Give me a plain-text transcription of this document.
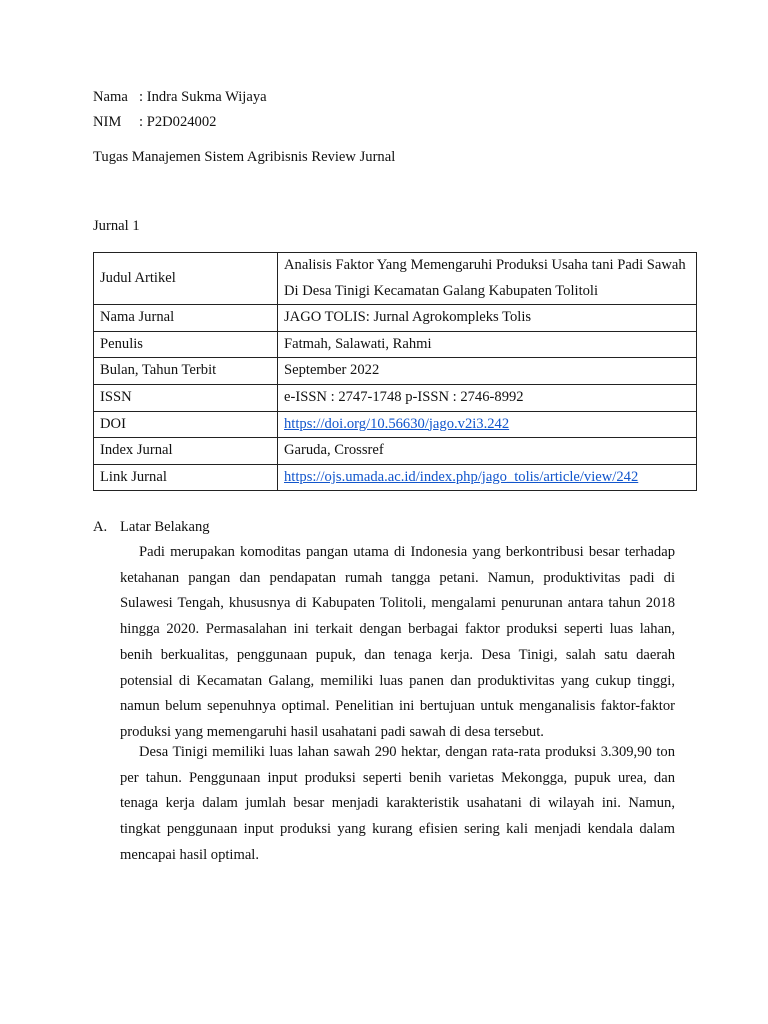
Nama : Indra Sukma Wijaya
NIM : P2D024002
Tugas Manajemen Sistem Agribisnis Review Jurnal
Jurnal 1
Judul Artikel	Analisis Faktor Yang Memengaruhi Produksi Usaha tani Padi Sawah Di Desa Tinigi Kecamatan Galang Kabupaten Tolitoli
Nama Jurnal	JAGO TOLIS: Jurnal Agrokompleks Tolis
Penulis	Fatmah, Salawati, Rahmi
Bulan, Tahun Terbit	September 2022
ISSN	e-ISSN : 2747-1748 p-ISSN : 2746-8992
DOI	https://doi.org/10.56630/jago.v2i3.242
Index Jurnal	Garuda, Crossref
Link Jurnal	https://ojs.umada.ac.id/index.php/jago_tolis/article/view/242
A. Latar Belakang

Padi merupakan komoditas pangan utama di Indonesia yang berkontribusi besar terhadap ketahanan pangan dan pendapatan rumah tangga petani. Namun, produktivitas padi di Sulawesi Tengah, khususnya di Kabupaten Tolitoli, mengalami penurunan antara tahun 2018 hingga 2020. Permasalahan ini terkait dengan berbagai faktor produksi seperti luas lahan, benih berkualitas, penggunaan pupuk, dan tenaga kerja. Desa Tinigi, salah satu daerah potensial di Kecamatan Galang, memiliki luas panen dan produktivitas yang cukup tinggi, namun belum sepenuhnya optimal. Penelitian ini bertujuan untuk menganalisis faktor-faktor produksi yang memengaruhi hasil usahatani padi sawah di desa tersebut.

Desa Tinigi memiliki luas lahan sawah 290 hektar, dengan rata-rata produksi 3.309,90 ton per tahun. Penggunaan input produksi seperti benih varietas Mekongga, pupuk urea, dan tenaga kerja dalam jumlah besar menjadi karakteristik usahatani di wilayah ini. Namun, tingkat penggunaan input produksi yang kurang efisien sering kali menjadi kendala dalam mencapai hasil optimal.
